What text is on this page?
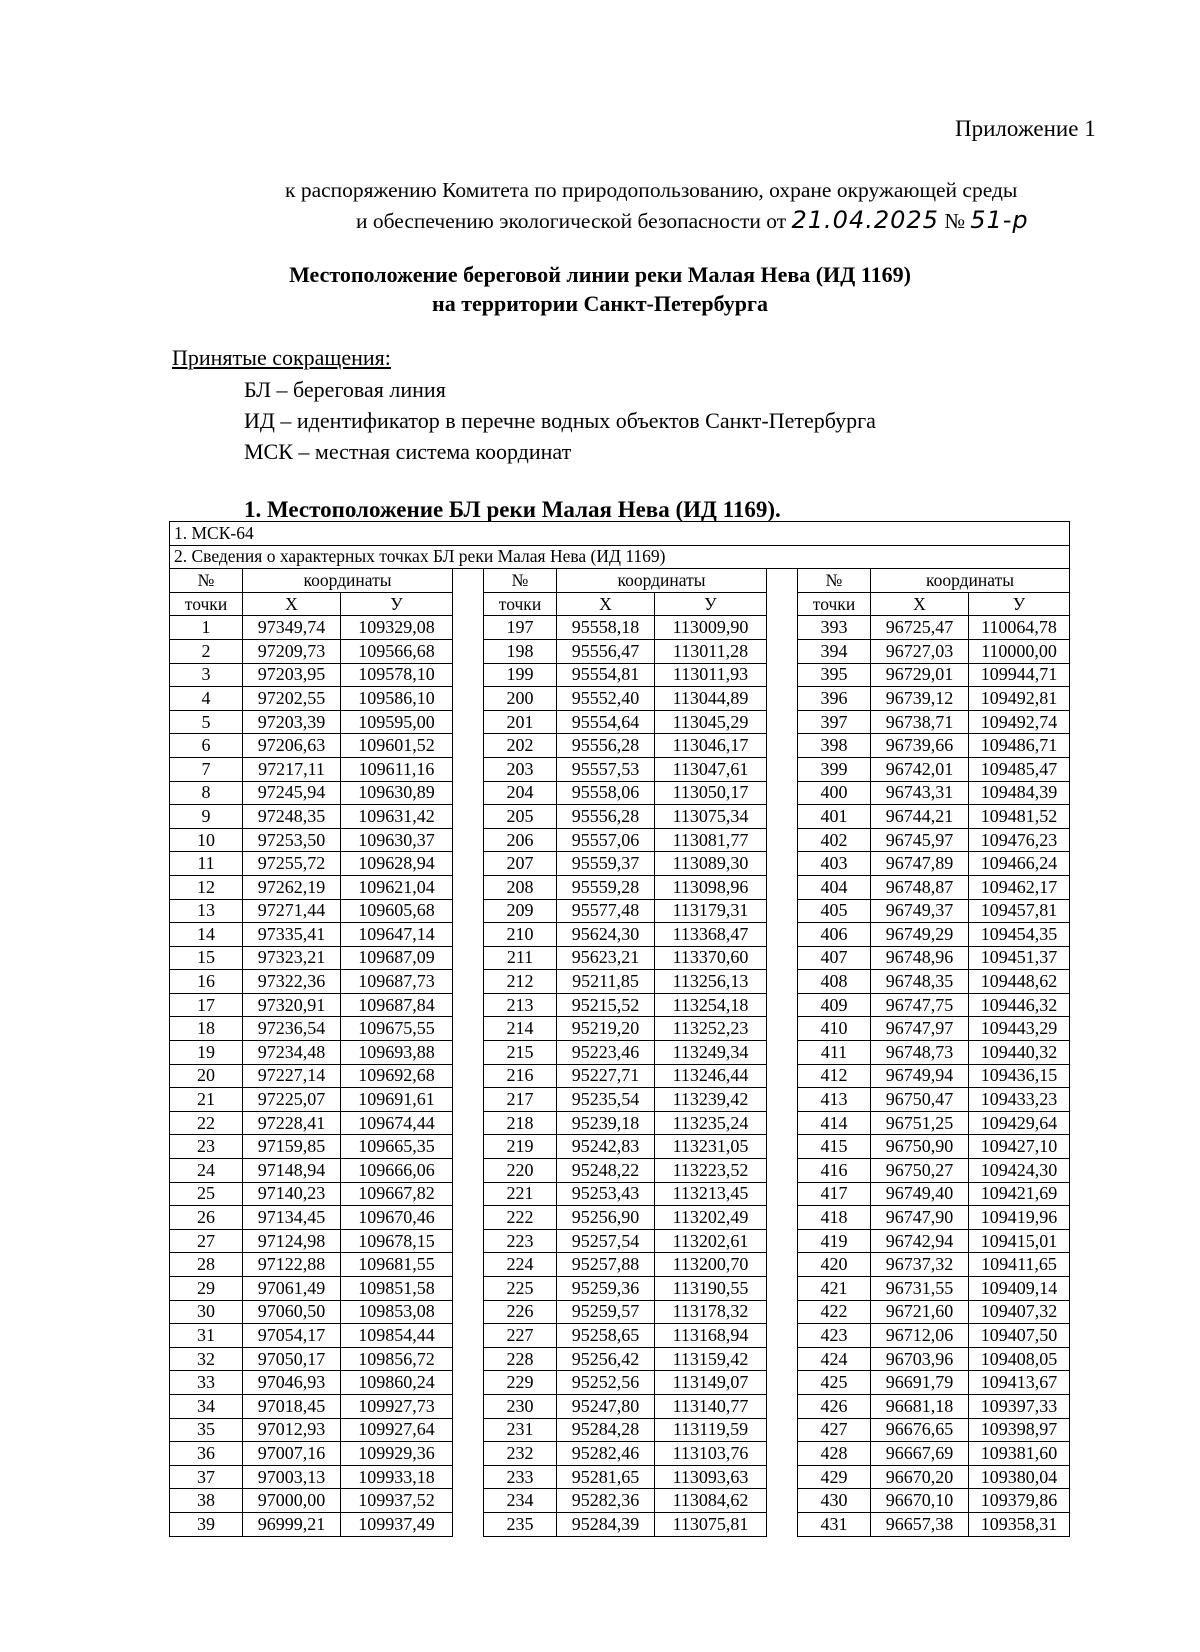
Приложение 1
к распоряжению Комитета по природопользованию, охране окружающей среды
и обеспечению экологической безопасности от 21.04.2025 № 51-р
Местоположение береговой линии реки Малая Нева (ИД 1169)
на территории Санкт-Петербурга
Принятые сокращения:
БЛ – береговая линия
ИД – идентификатор в перечне водных объектов Санкт-Петербурга
МСК – местная система координат
1. Местоположение БЛ реки Малая Нева (ИД 1169).
1. МСК-64										
2. Сведения о характерных точках БЛ реки Малая Нева (ИД 1169)										
№	координаты			№	координаты			№	координаты	
точки	X	У		точки	X	У		точки	X	У
1	97349,74	109329,08		197	95558,18	113009,90		393	96725,47	110064,78
2	97209,73	109566,68		198	95556,47	113011,28		394	96727,03	110000,00
3	97203,95	109578,10		199	95554,81	113011,93		395	96729,01	109944,71
4	97202,55	109586,10		200	95552,40	113044,89		396	96739,12	109492,81
5	97203,39	109595,00		201	95554,64	113045,29		397	96738,71	109492,74
6	97206,63	109601,52		202	95556,28	113046,17		398	96739,66	109486,71
7	97217,11	109611,16		203	95557,53	113047,61		399	96742,01	109485,47
8	97245,94	109630,89		204	95558,06	113050,17		400	96743,31	109484,39
9	97248,35	109631,42		205	95556,28	113075,34		401	96744,21	109481,52
10	97253,50	109630,37		206	95557,06	113081,77		402	96745,97	109476,23
11	97255,72	109628,94		207	95559,37	113089,30		403	96747,89	109466,24
12	97262,19	109621,04		208	95559,28	113098,96		404	96748,87	109462,17
13	97271,44	109605,68		209	95577,48	113179,31		405	96749,37	109457,81
14	97335,41	109647,14		210	95624,30	113368,47		406	96749,29	109454,35
15	97323,21	109687,09		211	95623,21	113370,60		407	96748,96	109451,37
16	97322,36	109687,73		212	95211,85	113256,13		408	96748,35	109448,62
17	97320,91	109687,84		213	95215,52	113254,18		409	96747,75	109446,32
18	97236,54	109675,55		214	95219,20	113252,23		410	96747,97	109443,29
19	97234,48	109693,88		215	95223,46	113249,34		411	96748,73	109440,32
20	97227,14	109692,68		216	95227,71	113246,44		412	96749,94	109436,15
21	97225,07	109691,61		217	95235,54	113239,42		413	96750,47	109433,23
22	97228,41	109674,44		218	95239,18	113235,24		414	96751,25	109429,64
23	97159,85	109665,35		219	95242,83	113231,05		415	96750,90	109427,10
24	97148,94	109666,06		220	95248,22	113223,52		416	96750,27	109424,30
25	97140,23	109667,82		221	95253,43	113213,45		417	96749,40	109421,69
26	97134,45	109670,46		222	95256,90	113202,49		418	96747,90	109419,96
27	97124,98	109678,15		223	95257,54	113202,61		419	96742,94	109415,01
28	97122,88	109681,55		224	95257,88	113200,70		420	96737,32	109411,65
29	97061,49	109851,58		225	95259,36	113190,55		421	96731,55	109409,14
30	97060,50	109853,08		226	95259,57	113178,32		422	96721,60	109407,32
31	97054,17	109854,44		227	95258,65	113168,94		423	96712,06	109407,50
32	97050,17	109856,72		228	95256,42	113159,42		424	96703,96	109408,05
33	97046,93	109860,24		229	95252,56	113149,07		425	96691,79	109413,67
34	97018,45	109927,73		230	95247,80	113140,77		426	96681,18	109397,33
35	97012,93	109927,64		231	95284,28	113119,59		427	96676,65	109398,97
36	97007,16	109929,36		232	95282,46	113103,76		428	96667,69	109381,60
37	97003,13	109933,18		233	95281,65	113093,63		429	96670,20	109380,04
38	97000,00	109937,52		234	95282,36	113084,62		430	96670,10	109379,86
39	96999,21	109937,49		235	95284,39	113075,81		431	96657,38	109358,31
